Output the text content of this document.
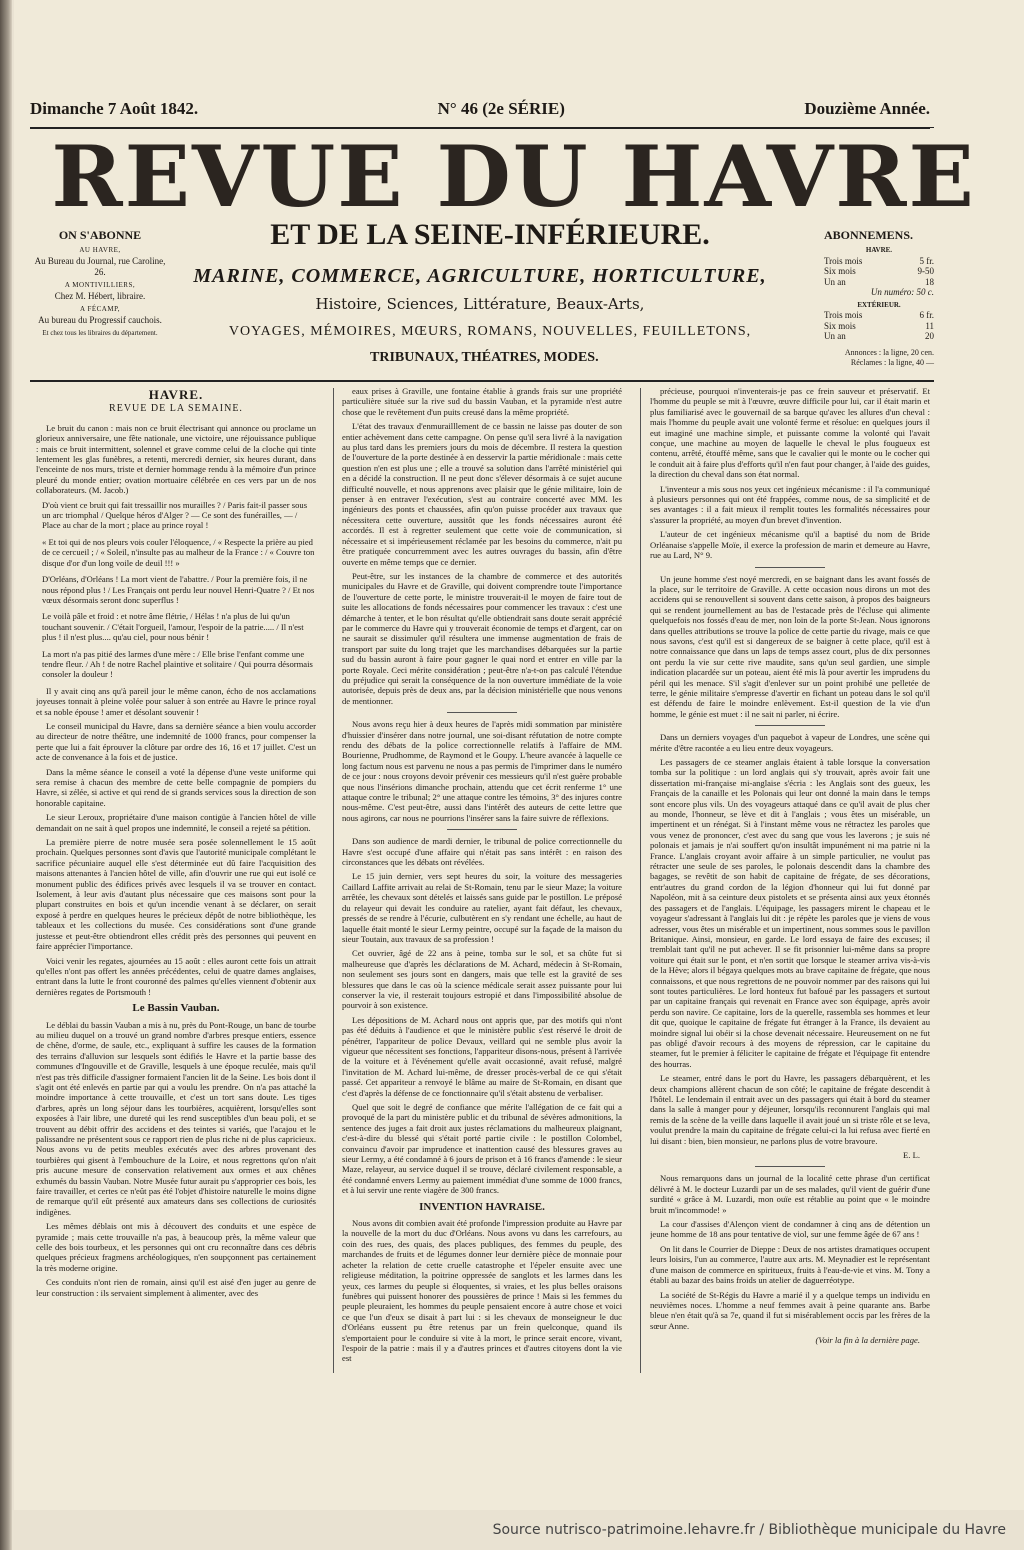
Dimanche 7 Août 1842.	N° 46 (2e SÉRIE)	Douzième Année.
REVUE DU HAVRE
ET DE LA SEINE-INFÉRIEURE.
MARINE, COMMERCE, AGRICULTURE, HORTICULTURE,
Histoire, Sciences, Littérature, Beaux-Arts,
VOYAGES, MÉMOIRES, MŒURS, ROMANS, NOUVELLES, FEUILLETONS,
TRIBUNAUX, THÉATRES, MODES.
ON S'ABONNE
AU HAVRE,
Au Bureau du Journal, rue Caroline, 26.
A MONTIVILLIERS,
Chez M. Hébert, libraire.
A FÉCAMP,
Au bureau du Progressif cauchois.
Et chez tous les libraires du département.
ABONNEMENS.
HAVRE.
Trois mois	5 fr.
Six mois	9-50
Un an	18
Un numéro: 50 c.
EXTÉRIEUR.
Trois mois	6 fr.
Six mois	11
Un an	20
Annonces : la ligne, 20 cen.
Réclames : la ligne, 40 —
HAVRE.
REVUE DE LA SEMAINE.

Le bruit du canon : mais non ce bruit électrisant qui annonce ou proclame un glorieux anniversaire, une fête nationale, une victoire, une réjouissance publique : mais ce bruit intermittent, solennel et grave comme celui de la cloche qui tinte lentement les glas funèbres, a retenti, mercredi dernier, six heures durant, dans l'enceinte de nos murs, triste et dernier hommage rendu à la mémoire d'un prince pleuré du monde entier; ovation mortuaire célébrée en ces vers par un de nos collaborateurs. (M. Jacob.)

D'où vient ce bruit qui fait tressaillir nos murailles ? / Paris fait-il passer sous un arc triomphal / Quelque héros d'Alger ? — Ce sont des funérailles, — / Place au char de la mort ; place au prince royal !

« Et toi qui de nos pleurs vois couler l'éloquence, / « Respecte la prière au pied de ce cercueil ; / « Soleil, n'insulte pas au malheur de la France : / « Couvre ton disque d'or d'un long voile de deuil !!! »

D'Orléans, d'Orléans ! La mort vient de l'abattre. / Pour la première fois, il ne nous répond plus ! / Les Français ont perdu leur nouvel Henri-Quatre ? / Et nos vœux désormais seront donc superflus !

Le voilà pâle et froid : et notre âme flétrie, / Hélas ! n'a plus de lui qu'un touchant souvenir. / C'était l'orgueil, l'amour, l'espoir de la patrie..... / Il n'est plus ! il n'est plus.... qu'au ciel, pour nous bénir !

La mort n'a pas pitié des larmes d'une mère : / Elle brise l'enfant comme une tendre fleur. / Ah ! de notre Rachel plaintive et solitaire / Qui pourra désormais consoler la douleur !

Il y avait cinq ans qu'à pareil jour le même canon, écho de nos acclamations joyeuses tonnait à pleine volée pour saluer à son entrée au Havre le prince royal et sa noble épouse ! amer et désolant souvenir !

Le conseil municipal du Havre, dans sa dernière séance a bien voulu accorder au directeur de notre théâtre, une indemnité de 1000 francs, pour compenser la perte que lui a fait éprouver la clôture par ordre des 16, 16 et 17 juillet. C'est un acte de convenance à la fois et de justice.

Dans la même séance le conseil a voté la dépense d'une veste uniforme qui sera remise à chacun des membre de cette belle compagnie de pompiers du Havre, si zélée, si active et qui rend de si grands services sous la direction de son honorable capitaine.

Le sieur Leroux, propriétaire d'une maison contigüe à l'ancien hôtel de ville demandait on ne sait à quel propos une indemnité, le conseil a rejeté sa pétition.

La première pierre de notre musée sera posée solennellement le 15 août prochain. Quelques personnes sont d'avis que l'autorité municipale complétant le sacrifice pécuniaire auquel elle s'est déterminée eut dû faire l'acquisition des maisons attenantes à l'ancien hôtel de ville, afin d'ouvrir une rue qui eut isolé ce monument public des édifices privés avec lesquels il va se trouver en contact. Isolement, à leur avis d'autant plus nécessaire que ces maisons sont pour la plupart construites en bois et qu'un incendie venant à se déclarer, on serait exposé à perdre en quelques heures le précieux dépôt de notre bibliothèque, les tableaux et les collections du musée. Ces considérations sont d'une grande justesse et peut-être obtiendront elles crédit près des personnes qui peuvent en faire apprécier l'importance.

Voici venir les regates, ajournées au 15 août : elles auront cette fois un attrait qu'elles n'ont pas offert les années précédentes, celui de quatre dames anglaises, entrant dans la lutte le front couronné des palmes qu'elles viennent d'obtenir aux dernières regates de Portsmouth !

Le Bassin Vauban.

Le déblai du bassin Vauban a mis à nu, près du Pont-Rouge, un banc de tourbe au milieu duquel on a trouvé un grand nombre d'arbres presque entiers, essence de chêne, d'orme, de saule, etc., expliquant à suffire les causes de la formation des terrains d'alluvion sur lesquels sont édifiés le Havre et la partie basse des communes d'Ingouville et de Graville, lesquels à une époque reculée, mais qu'il n'est pas très difficile d'assigner formaient l'ancien lit de la Seine. Les bois dont il s'agit ont été enlevés en partie par qui a voulu les prendre. On n'a pas attaché la moindre importance à cette trouvaille, et c'est un tort sans doute. Les tiges d'arbres, après un long séjour dans les tourbières, acquièrent, lorsqu'elles sont exposées à l'air libre, une dureté qui les rend susceptibles d'un beau poli, et se trouvent au débit offrir des accidens et des teintes si variés, que l'acajou et le palissandre ne présentent sous ce rapport rien de plus riche ni de plus capricieux. Nous avons vu de petits meubles exécutés avec des arbres provenant des tourbières qui gisent à l'embouchure de la Loire, et nous regrettons qu'on n'ait pris aucune mesure de conservation relativement aux ormes et aux chênes exhumés du bassin Vauban. Notre Musée futur aurait pu s'approprier ces bois, les faire travailler, et certes ce n'eût pas été l'objet d'histoire naturelle le moins digne de remarque qu'il eût présenté aux amateurs dans ses collections de curiosités indigènes.

Les mêmes déblais ont mis à découvert des conduits et une espèce de pyramide ; mais cette trouvaille n'a pas, à beaucoup près, la même valeur que celle des bois tourbeux, et les personnes qui ont cru reconnaître dans ces débris quelques précieux fragmens archéologiques, n'en soupçonnent pas certainement la très moderne origine.

Ces conduits n'ont rien de romain, ainsi qu'il est aisé d'en juger au genre de leur construction : ils servaient simplement à alimenter, avec des

eaux prises à Graville, une fontaine établie à grands frais sur une propriété particulière située sur la rive sud du bassin Vauban, et la pyramide n'est autre chose que le revêtement d'un puits creusé dans la même propriété.

L'état des travaux d'enmurailllement de ce bassin ne laisse pas douter de son entier achèvement dans cette campagne. On pense qu'il sera livré à la navigation au plus tard dans les premiers jours du mois de décembre. Il restera la question de l'ouverture de la porte destinée à en desservir la partie méridionale : mais cette question n'en est plus une ; elle a trouvé sa solution dans l'arrêté ministériel qui en a décidé la construction. Il ne peut donc s'élever désormais à ce sujet aucune difficulté nouvelle, et nous apprenons avec plaisir que le génie militaire, loin de penser à en entraver l'exécution, s'est au contraire concerté avec MM. les ingénieurs des ponts et chaussées, afin qu'on puisse procéder aux travaux que nécessitera cette ouverture, aussitôt que les fonds nécessaires auront été accordés. Il est à regretter seulement que cette voie de communication, si nécessaire et si impérieusement réclamée par les besoins du commerce, n'ait pu être pratiquée concurremment avec les autres ouvrages du bassin, afin d'être ouverte en même temps que ce dernier.

Peut-être, sur les instances de la chambre de commerce et des autorités municipales du Havre et de Graville, qui doivent comprendre toute l'importance de l'ouverture de cette porte, le ministre trouverait-il le moyen de faire tout de suite les allocations de fonds nécessaires pour commencer les travaux : c'est une démarche à tenter, et le bon résultat qu'elle obtiendrait sans doute serait apprécié par le commerce du Havre qui y trouverait économie de temps et d'argent, car on ne saurait se dissimuler qu'il résultera une immense augmentation de frais de transport par suite du long trajet que les marchandises débarquées sur la partie sud du bassin auront à faire pour gagner le quai nord et entrer en ville par la porte Royale. Ceci mérite considération ; peut-être n'a-t-on pas calculé l'étendue du préjudice qui serait la conséquence de la non ouverture immédiate de la voie autorisée, depuis près de deux ans, par la décision ministérielle que nous venons de mentionner.

Nous avons reçu hier à deux heures de l'après midi sommation par ministère d'huissier d'insérer dans notre journal, une soi-disant réfutation de notre compte rendu des débats de la police correctionnelle relatifs à l'affaire de MM. Bourienne, Prudhomme, de Raymond et le Goupy. L'heure avancée à laquelle ce long factum nous est parvenu ne nous a pas permis de l'imprimer dans le numéro de ce jour : nous croyons devoir prévenir ces messieurs qu'il n'est guère probable que nous l'insérions dimanche prochain, attendu que cet écrit renferme 1° une attaque contre le tribunal; 2° une attaque contre les témoins, 3° des injures contre nous-même. C'est peut-être, aussi dans l'intérêt des auteurs de cette lettre que nous agirons, car nous ne pourrions l'insérer sans la faire suivre de réflexions.

Dans son audience de mardi dernier, le tribunal de police correctionnelle du Havre s'est occupé d'une affaire qui n'était pas sans intérêt : en raison des circonstances que les débats ont révélées.

Le 15 juin dernier, vers sept heures du soir, la voiture des messageries Caillard Laffite arrivait au relai de St-Romain, tenu par le sieur Maze; la voiture arrêtée, les chevaux sont dételés et laissés sans guide par le postillon. Le préposé du relayeur qui devait les conduire au ratelier, ayant fait défaut, les chevaux, pressés de se rendre à l'écurie, culbutèrent en s'y rendant une échelle, au haut de laquelle était monté le sieur Lermy peintre, occupé sur la façade de la maison du sieur Toutain, aux travaux de sa profession !

Cet ouvrier, âgé de 22 ans à peine, tomba sur le sol, et sa chûte fut si malheureuse que d'après les déclarations de M. Achard, médecin à St-Romain, non seulement ses jours sont en dangers, mais que telle est la gravité de ses blessures que dans le cas où la science médicale serait assez puissante pour lui conserver la vie, il resterait toujours estropié et dans l'impossibilité absolue de pourvoir à son existence.

Les dépositions de M. Achard nous ont appris que, par des motifs qui n'ont pas été déduits à l'audience et que le ministère public s'est réservé le droit de pénétrer, l'appariteur de police Devaux, veillard qui ne semble plus avoir la vigueur que nécessitent ses fonctions, l'appariteur disons-nous, présent à l'arrivée de la voiture et à l'événement qu'elle avait occasionné, avait refusé, malgré l'invitation de M. Achard lui-même, de dresser procès-verbal de ce qui s'était passé. Cet appariteur a renvoyé le blâme au maire de St-Romain, en disant que c'est d'après la défense de ce fonctionnaire qu'il s'était abstenu de verbaliser.

Quel que soit le degré de confiance que mérite l'allégation de ce fait qui a provoqué de la part du ministère public et du tribunal de sévères admonitions, la sentence des juges a fait droit aux justes réclamations du malheureux plaignant, c'est-à-dire du blessé qui s'était porté partie civile : le postillon Colombel, convaincu d'avoir par imprudence et inattention causé des blessures graves au sieur Lermy, a été condamné à 6 jours de prison et à 16 francs d'amende : le sieur Maze, relayeur, au service duquel il se trouve, déclaré civilement responsable, a été condamné envers Lermy au paiement immédiat d'une somme de 1000 francs, et à lui servir une rente viagère de 300 francs.

INVENTION HAVRAISE.

Nous avons dit combien avait été profonde l'impression produite au Havre par la nouvelle de la mort du duc d'Orléans. Nous avons vu dans les carrefours, au coin des rues, des quais, des places publiques, des femmes du peuple, des marchandes de fruits et de légumes donner leur dernière pièce de monnaie pour acheter la relation de cette cruelle catastrophe et l'épeler ensuite avec une religieuse méditation, la poitrine oppressée de sanglots et les larmes dans les yeux, ces larmes du peuple si éloquentes, si vraies, et les plus belles oraisons funèbres qui puissent honorer des poussières de prince ! Mais si les femmes du peuple pleuraient, les hommes du peuple pensaient encore à autre chose et voici ce que l'un d'eux se disait à part lui : si les chevaux de monseigneur le duc d'Orléans eussent pu être retenus par un frein quelconque, quand ils s'emportaient pour le conduire si vite à la mort, le prince serait encore, vivant, l'espoir de la patrie : mais il y a d'autres princes et d'autres citoyens dont la vie est

précieuse, pourquoi n'inventerais-je pas ce frein sauveur et préservatif. Et l'homme du peuple se mit à l'œuvre, œuvre difficile pour lui, car il était marin et plus familiarisé avec le gouvernail de sa barque qu'avec les allures d'un cheval : mais l'homme du peuple avait une volonté ferme et résolue: en quelques jours il eut imaginé une machine simple, et puissante comme la volonté qui l'avait conçue, une machine au moyen de laquelle le cheval le plus fougueux est contenu, arrêté, étouffé même, sans que le cavalier qui le monte ou le cocher qui le conduit ait à faire plus d'efforts qu'il n'en faut pour changer, à l'aide des guides, la direction du cheval dans son état normal.

L'inventeur a mis sous nos yeux cet ingénieux mécanisme : il l'a communiqué à plusieurs personnes qui ont été frappées, comme nous, de sa simplicité et de ses avantages : il a fait mieux il remplit toutes les formalités nécessaires pour s'assurer la propriété, au moyen d'un brevet d'invention.

L'auteur de cet ingénieux mécanisme qu'il a baptisé du nom de Bride Orléanaise s'appelle Moïe, il exerce la profession de marin et demeure au Havre, rue au Lard, N° 9.

Un jeune homme s'est noyé mercredi, en se baignant dans les avant fossés de la place, sur le territoire de Graville. A cette occasion nous dirons un mot des accidens qui se renouvellent si souvent dans cette saison, à propos des baigneurs qui se rendent journellement au bas de l'estacade près de l'écluse qui alimente quelquefois nos fossés d'eau de mer, non loin de la porte St-Jean. Nous ignorons dans quelles attributions se trouve la police de cette partie du rivage, mais ce que nous savons, c'est qu'il est si dangereux de se baigner à cette place, qu'il est à notre connaissance que dans un laps de temps assez court, plus de dix personnes ont perdu la vie sur cette rive maudite, sans qu'un seul gardien, une simple indication placardée sur un poteau, aient été mis là pour avertir les imprudens du péril qui les menace. S'il s'agit d'enlever sur un point prohibé une pelletée de terre, le génie militaire s'empresse d'avertir en fichant un poteau dans le sol qu'il est défendu de faire le moindre enlèvement. Est-il question de la vie d'un homme, le génie est muet : il ne sait ni parler, ni écrire.

Dans un derniers voyages d'un paquebot à vapeur de Londres, une scène qui mérite d'être racontée a eu lieu entre deux voyageurs.

Les passagers de ce steamer anglais étaient à table lorsque la conversation tomba sur la politique : un lord anglais qui s'y trouvait, après avoir fait une dissertation mi-française mi-anglaise s'écria : les Anglais sont des gueux, les Français de la canaille et les Polonais qui leur ont donné la main dans le temps sont encore plus vils. Un des voyageurs attaqué dans ce qu'il avait de plus cher au monde, l'honneur, se lève et dit à l'anglais ; vous êtes un misérable, un impertinent et un rénégat. Si à l'instant même vous ne rétractez les paroles que vous venez de prononcer, c'est avec du sang que vous les laverons ; je suis né polonais et jamais je n'ai souffert qu'on insultât impunément ni ma patrie ni la France. L'anglais croyant avoir affaire à un simple particulier, ne voulut pas rétracter une seule de ses paroles, le polonais descendit dans la chambre des bagages, se revêtit de son habit de capitaine de frégate, de ses décorations, entr'autres du grand cordon de la légion d'honneur qui lui fut donné par Napoléon, mit à sa ceinture deux pistolets et se présenta ainsi aux yeux étonnés des passagers et de l'anglais. L'équipage, les passagers mirent le chapeau et le voyageur s'adressant à l'anglais lui dit : je répète les paroles que je viens de vous adresser, vous êtes un misérable et un impertinent, nous sommes sous le pavillon Britanique. Ainsi, monsieur, en garde. Le lord essaya de faire des excuses; il tremblait tant qu'il ne put achever. Il se fit prisonnier lui-même dans sa propre voiture qui était sur le pont, et n'en sortit que lorsque le steamer arriva vis-à-vis de la Hève; alors il bégaya quelques mots au brave capitaine de frégate, que nous connaissons, et que nous regrettons de ne pouvoir nommer par des raisons qui lui sont toutes particulières. Le lord honteux fut bafoué par les passagers et surtout par un capitaine français qui revenait en France avec son équipage, après avoir perdu son navire. Ce capitaine, lors de la querelle, rassembla ses hommes et leur dit que, quoique le capitaine de frégate fut étranger à la France, ils devaient au moindre signal lui obéir si la chose devenait nécessaire. Heureusement on ne fut pas obligé d'avoir recours à des moyens de répression, car le capitaine du steamer, fut le premier à féliciter le capitaine de frégate et l'équipage fit entendre des hourras.

Le steamer, entré dans le port du Havre, les passagers débarquèrent, et les deux champions allèrent chacun de son côté; le capitaine de frégate descendit à l'hôtel. Le lendemain il entrait avec un des passagers qui était à bord du steamer dans la salle à manger pour y déjeuner, lorsqu'ils reconnurent l'anglais qui mal remis de la scène de la veille dans laquelle il avait joué un si triste rôle et se leva, voulut prendre la main du capitaine de frégate celui-ci la lui refusa avec fierté en lui disant : bien, bien monsieur, ne parlons plus de votre bravoure.

E. L.

Nous remarquons dans un journal de la localité cette phrase d'un certificat délivré à M. le docteur Luzardi par un de ses malades, qu'il vient de guérir d'une surdité « grâce à M. Luzardi, mon ouïe est rétablie au point que « le moindre bruit m'incommode! »

La cour d'assises d'Alençon vient de condamner à cinq ans de détention un jeune homme de 18 ans pour tentative de viol, sur une femme âgée de 67 ans !

On lit dans le Courrier de Dieppe : Deux de nos artistes dramatiques occupent leurs loisirs, l'un au commerce, l'autre aux arts. M. Meynadier est le représentant d'une maison de commerce en spiritueux, fruits à l'eau-de-vie et vins. M. Tony a établi au bazar des bains froids un atelier de daguerréotype.

La société de St-Régis du Havre a marié il y a quelque temps un individu en neuvièmes noces. L'homme a neuf femmes avait à peine quarante ans. Barbe bleue n'en était qu'à sa 7e, quand il fut si misérablement occis par les frères de la sœur Anne.

(Voir la fin à la dernière page.
Source nutrisco-patrimoine.lehavre.fr / Bibliothèque municipale du Havre
